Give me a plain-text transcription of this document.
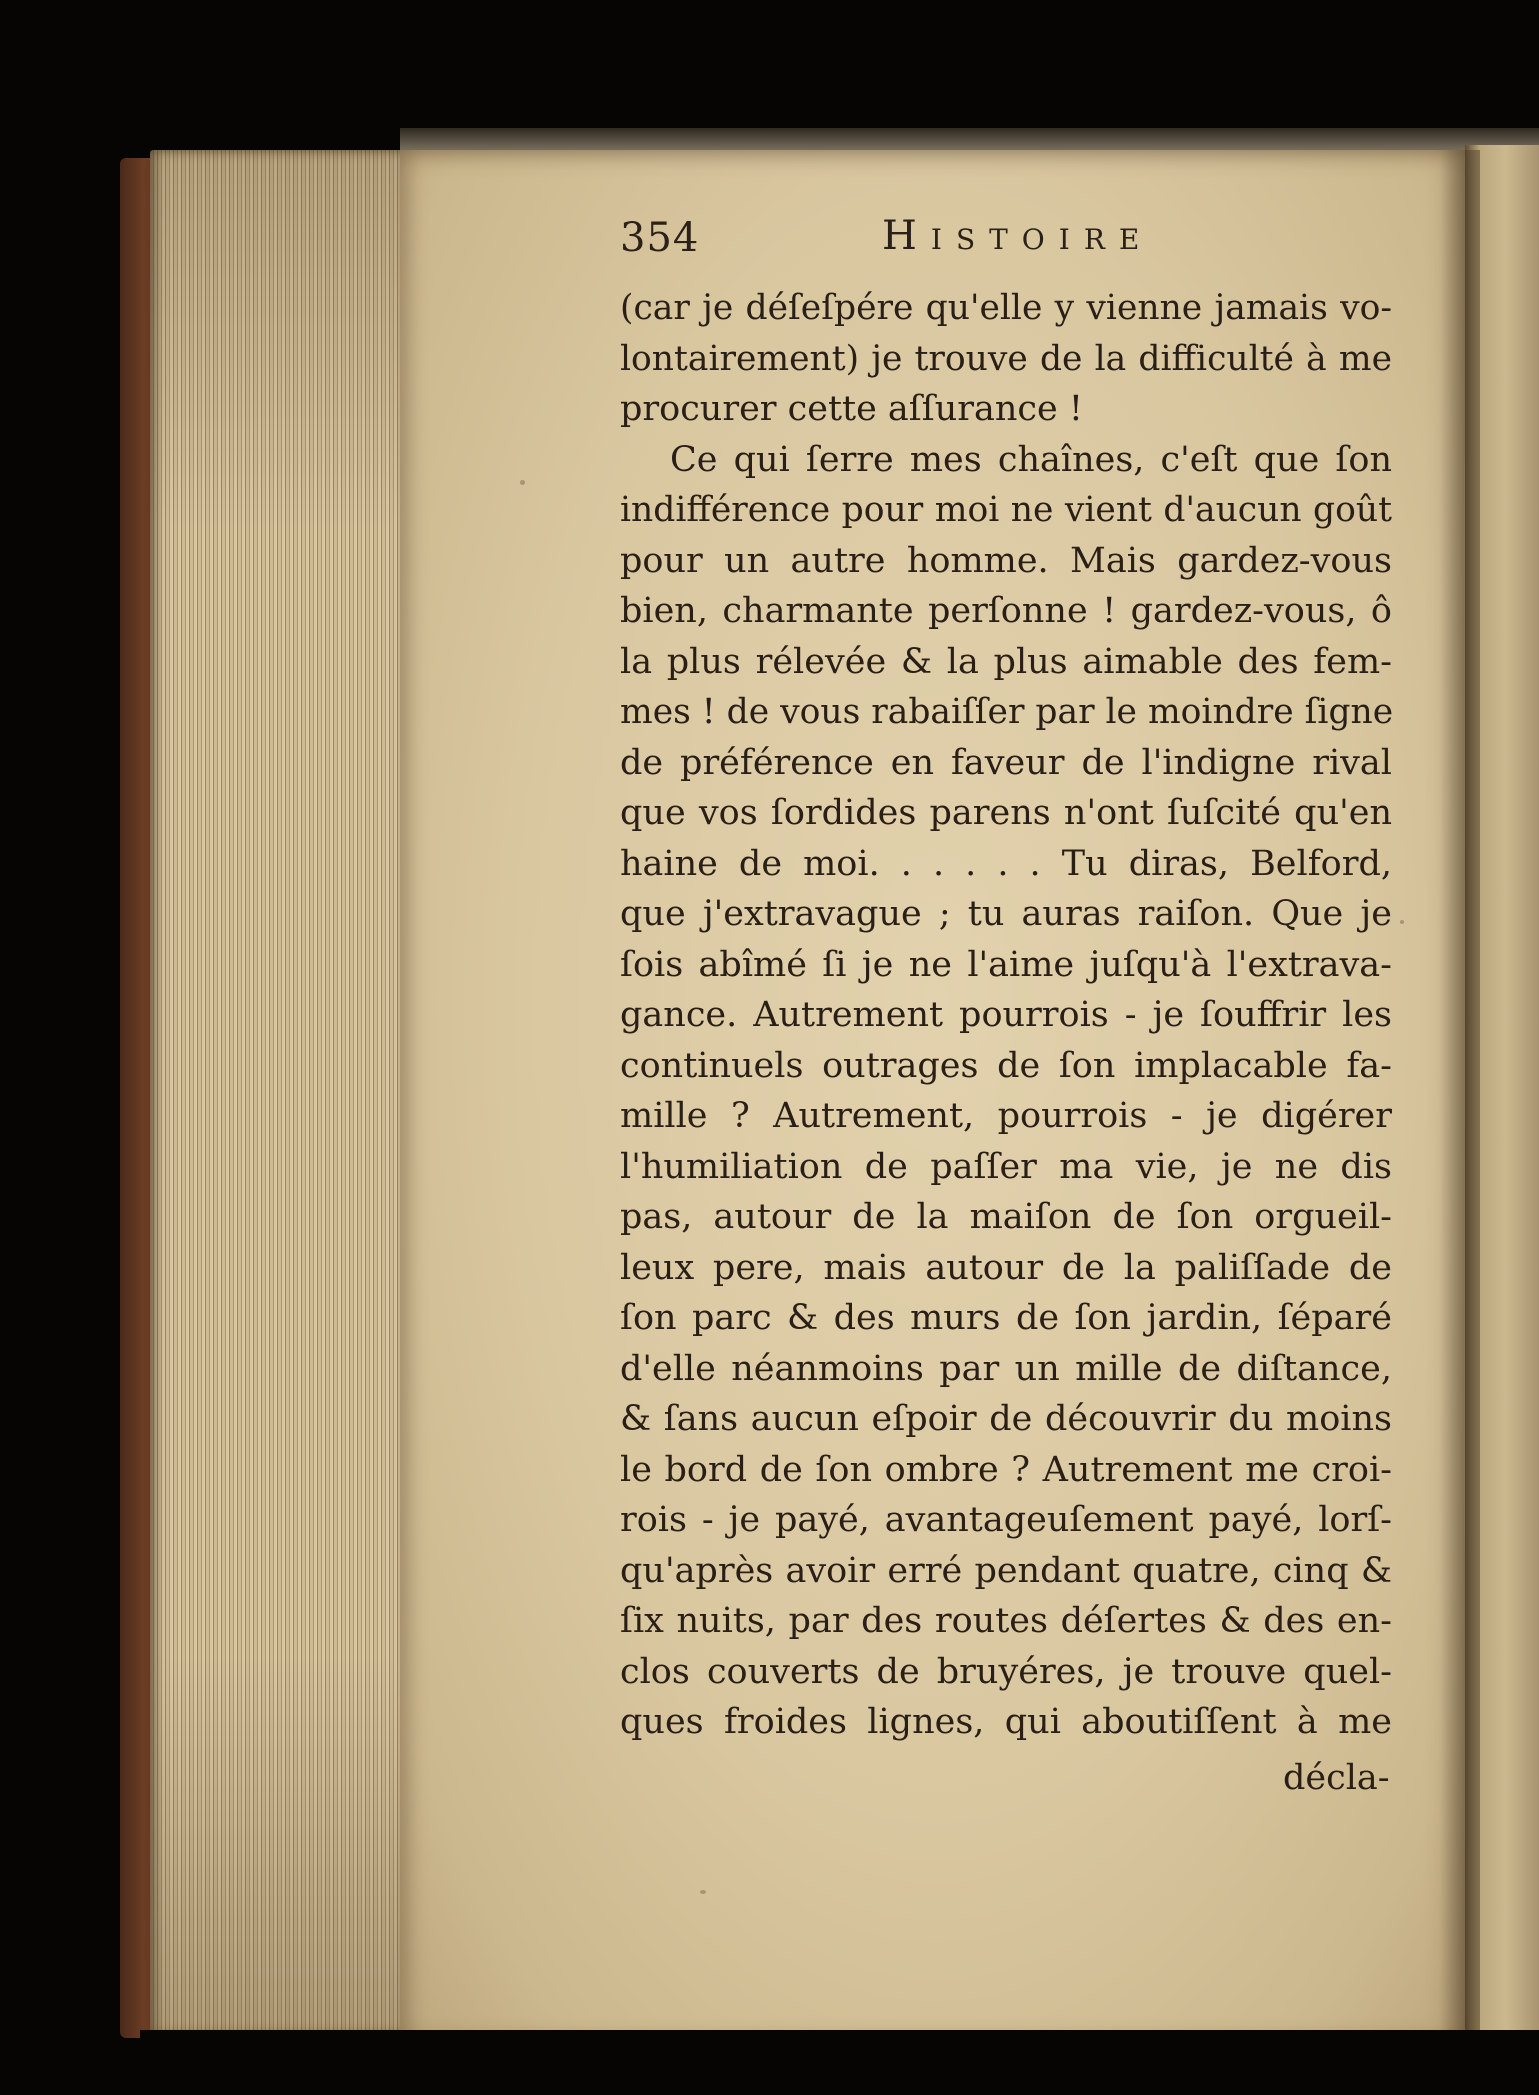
354	Histoire
(car je déſeſpére qu'elle y vienne jamais vo-
lontairement) je trouve de la difficulté à me
procurer cette aſſurance !
Ce qui ſerre mes chaînes, c'eſt que ſon
indifférence pour moi ne vient d'aucun goût
pour un autre homme. Mais gardez-vous
bien, charmante perſonne ! gardez-vous, ô
la plus rélevée & la plus aimable des fem-
mes ! de vous rabaiſſer par le moindre ſigne
de préférence en faveur de l'indigne rival
que vos ſordides parens n'ont ſuſcité qu'en
haine de moi. . . . . . Tu diras, Belford,
que j'extravague ; tu auras raiſon. Que je
ſois abîmé ſi je ne l'aime juſqu'à l'extrava-
gance. Autrement pourrois - je ſouffrir les
continuels outrages de ſon implacable fa-
mille ? Autrement, pourrois - je digérer
l'humiliation de paſſer ma vie, je ne dis
pas, autour de la maiſon de ſon orgueil-
leux pere, mais autour de la paliſſade de
ſon parc & des murs de ſon jardin, ſéparé
d'elle néanmoins par un mille de diſtance,
& ſans aucun eſpoir de découvrir du moins
le bord de ſon ombre ? Autrement me croi-
rois - je payé, avantageuſement payé, lorſ-
qu'après avoir erré pendant quatre, cinq &
ſix nuits, par des routes déſertes & des en-
clos couverts de bruyéres, je trouve quel-
ques froides lignes, qui aboutiſſent à me
décla-
